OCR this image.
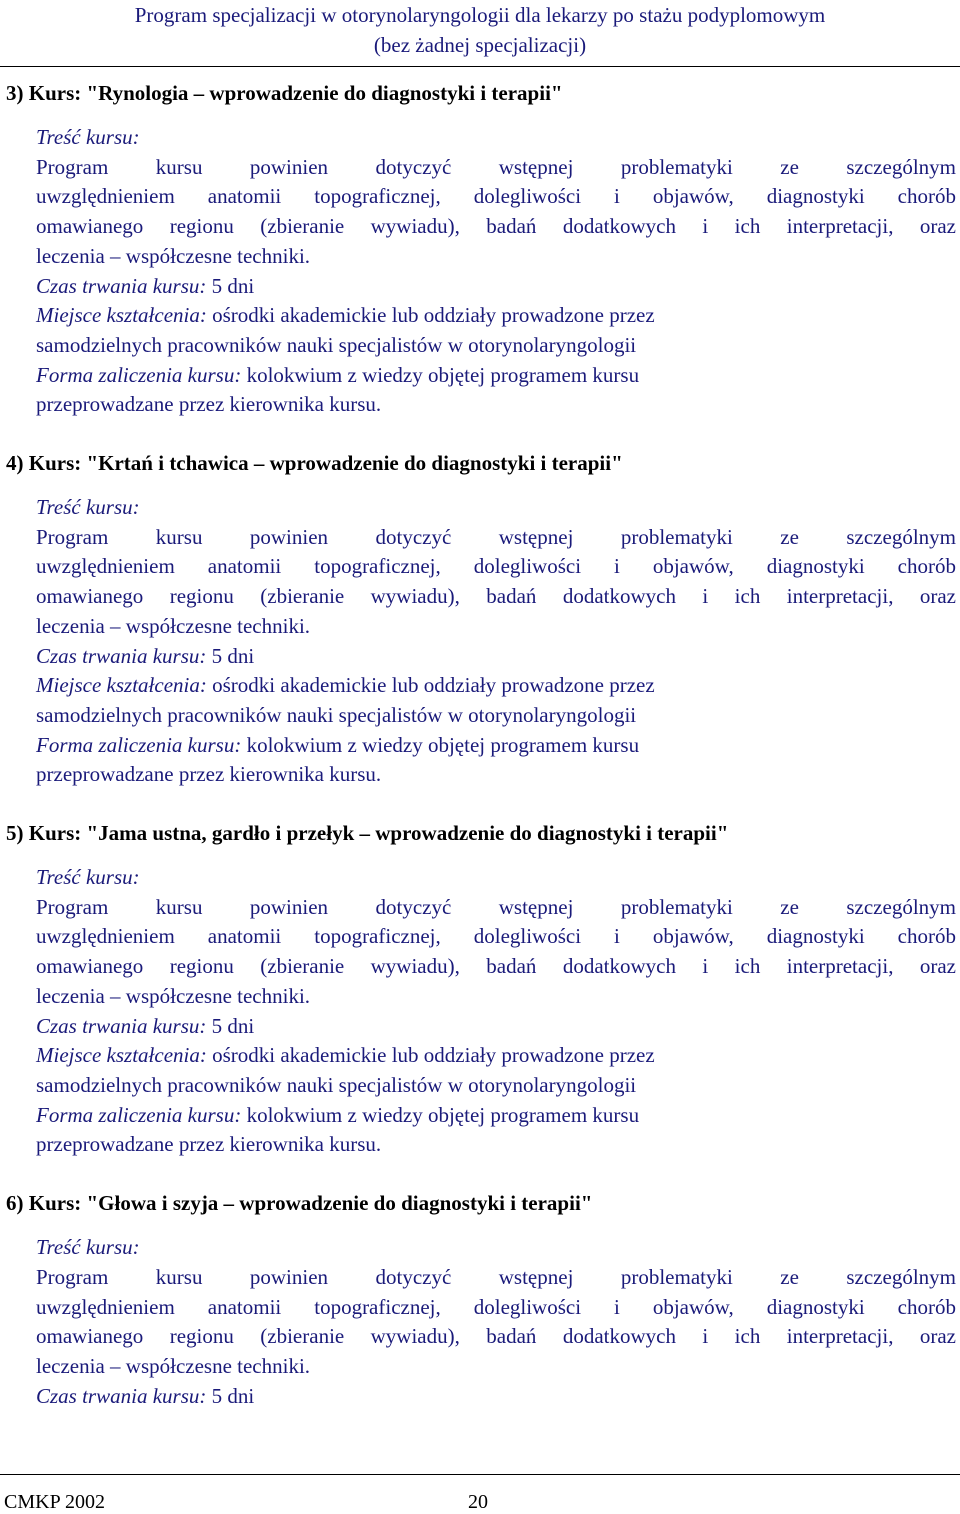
Program specjalizacji w otorynolaryngologii dla lekarzy po stażu podyplomowym
(bez żadnej specjalizacji)
3) Kurs: "Rynologia – wprowadzenie do diagnostyki i terapii"
Treść kursu:
Program kursu powinien dotyczyć wstępnej problematyki ze szczególnym
uwzględnieniem anatomii topograficznej, dolegliwości i objawów, diagnostyki chorób
omawianego regionu (zbieranie wywiadu), badań dodatkowych i ich interpretacji, oraz
leczenia – współczesne techniki.
Czas trwania kursu: 5 dni
Miejsce kształcenia: ośrodki akademickie lub oddziały prowadzone przez
samodzielnych pracowników nauki specjalistów w otorynolaryngologii
Forma zaliczenia kursu: kolokwium z wiedzy objętej programem kursu
przeprowadzane przez kierownika kursu.
4) Kurs: "Krtań i tchawica – wprowadzenie do diagnostyki i terapii"
Treść kursu:
Program kursu powinien dotyczyć wstępnej problematyki ze szczególnym
uwzględnieniem anatomii topograficznej, dolegliwości i objawów, diagnostyki chorób
omawianego regionu (zbieranie wywiadu), badań dodatkowych i ich interpretacji, oraz
leczenia – współczesne techniki.
Czas trwania kursu: 5 dni
Miejsce kształcenia: ośrodki akademickie lub oddziały prowadzone przez
samodzielnych pracowników nauki specjalistów w otorynolaryngologii
Forma zaliczenia kursu: kolokwium z wiedzy objętej programem kursu
przeprowadzane przez kierownika kursu.
5) Kurs: "Jama ustna, gardło i przełyk – wprowadzenie do diagnostyki i terapii"
Treść kursu:
Program kursu powinien dotyczyć wstępnej problematyki ze szczególnym
uwzględnieniem anatomii topograficznej, dolegliwości i objawów, diagnostyki chorób
omawianego regionu (zbieranie wywiadu), badań dodatkowych i ich interpretacji, oraz
leczenia – współczesne techniki.
Czas trwania kursu: 5 dni
Miejsce kształcenia: ośrodki akademickie lub oddziały prowadzone przez
samodzielnych pracowników nauki specjalistów w otorynolaryngologii
Forma zaliczenia kursu: kolokwium z wiedzy objętej programem kursu
przeprowadzane przez kierownika kursu.
6) Kurs: "Głowa i szyja – wprowadzenie do diagnostyki i terapii"
Treść kursu:
Program kursu powinien dotyczyć wstępnej problematyki ze szczególnym
uwzględnieniem anatomii topograficznej, dolegliwości i objawów, diagnostyki chorób
omawianego regionu (zbieranie wywiadu), badań dodatkowych i ich interpretacji, oraz
leczenia – współczesne techniki.
Czas trwania kursu: 5 dni
CMKP 2002	20
